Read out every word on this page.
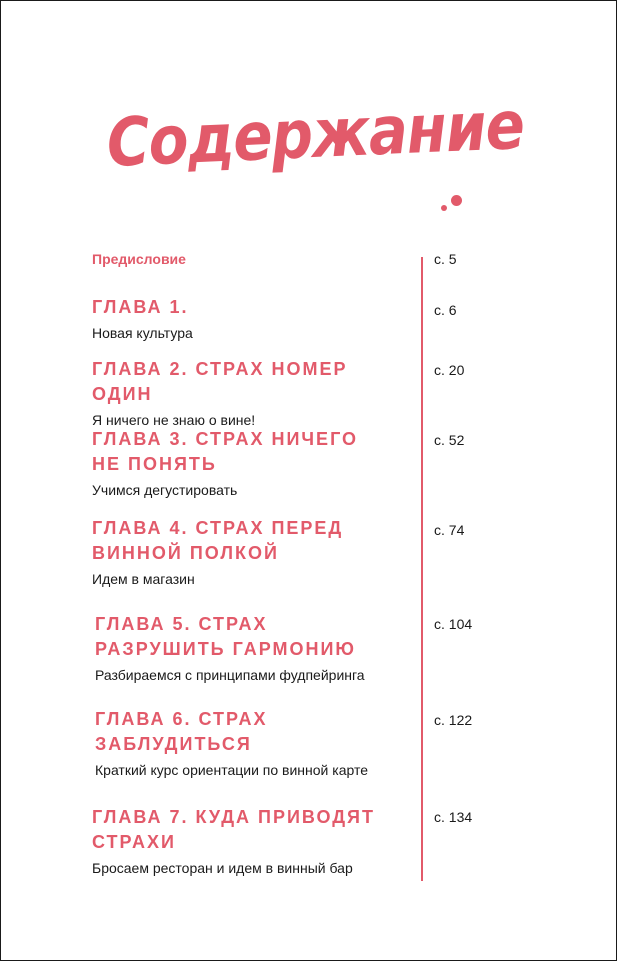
Содержание
Предисловие	с. 5
ГЛАВА 1.
Новая культура
с. 6
ГЛАВА 2. СТРАХ НОМЕР ОДИН
Я ничего не знаю о вине!
с. 20
ГЛАВА 3. СТРАХ НИЧЕГО НЕ ПОНЯТЬ
Учимся дегустировать
с. 52
ГЛАВА 4. СТРАХ ПЕРЕД ВИННОЙ ПОЛКОЙ
Идем в магазин
с. 74
ГЛАВА 5. СТРАХ РАЗРУШИТЬ ГАРМОНИЮ
Разбираемся с принципами фудпейринга
с. 104
ГЛАВА 6. СТРАХ ЗАБЛУДИТЬСЯ
Краткий курс ориентации по винной карте
с. 122
ГЛАВА 7. КУДА ПРИВОДЯТ СТРАХИ
Бросаем ресторан и идем в винный бар
с. 134
